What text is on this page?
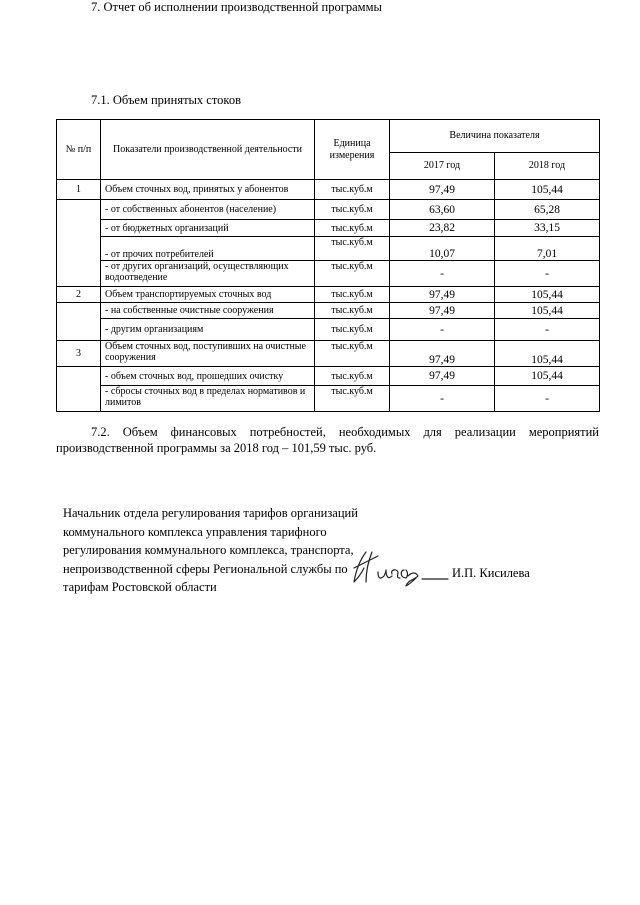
7. Отчет об исполнении производственной программы
7.1. Объем принятых стоков
№ п/п	Показатели производственной деятельности	Единица измерения	Величина показателя	
			2017 год	2018 год
1	Объем сточных вод, принятых у абонентов	тыс.куб.м	97,49	105,44
	- от собственных абонентов (население)	тыс.куб.м	63,60	65,28
	- от бюджетных организаций	тыс.куб.м	23,82	33,15
	- от прочих потребителей	тыс.куб.м	10,07	7,01
	- от других организаций, осуществляющих водоотведение	тыс.куб.м	-	-
2	Объем транспортируемых сточных вод	тыс.куб.м	97,49	105,44
	- на собственные очистные сооружения	тыс.куб.м	97,49	105,44
	- другим организациям	тыс.куб.м	-	-
3	Объем сточных вод, поступивших на очистные сооружения	тыс.куб.м	97,49	105,44
	- объем сточных вод, прошедших очистку	тыс.куб.м	97,49	105,44
	- сбросы сточных вод в пределах нормативов и лимитов	тыс.куб.м	-	-
7.2. Объем финансовых потребностей, необходимых для реализации мероприятий производственной программы за 2018 год – 101,59 тыс. руб.
Начальник отдела регулирования тарифов организаций
коммунального комплекса управления тарифного
регулирования коммунального комплекса, транспорта,
непроизводственной сферы Региональной службы по
тарифам Ростовской области
И.П. Кисилева
